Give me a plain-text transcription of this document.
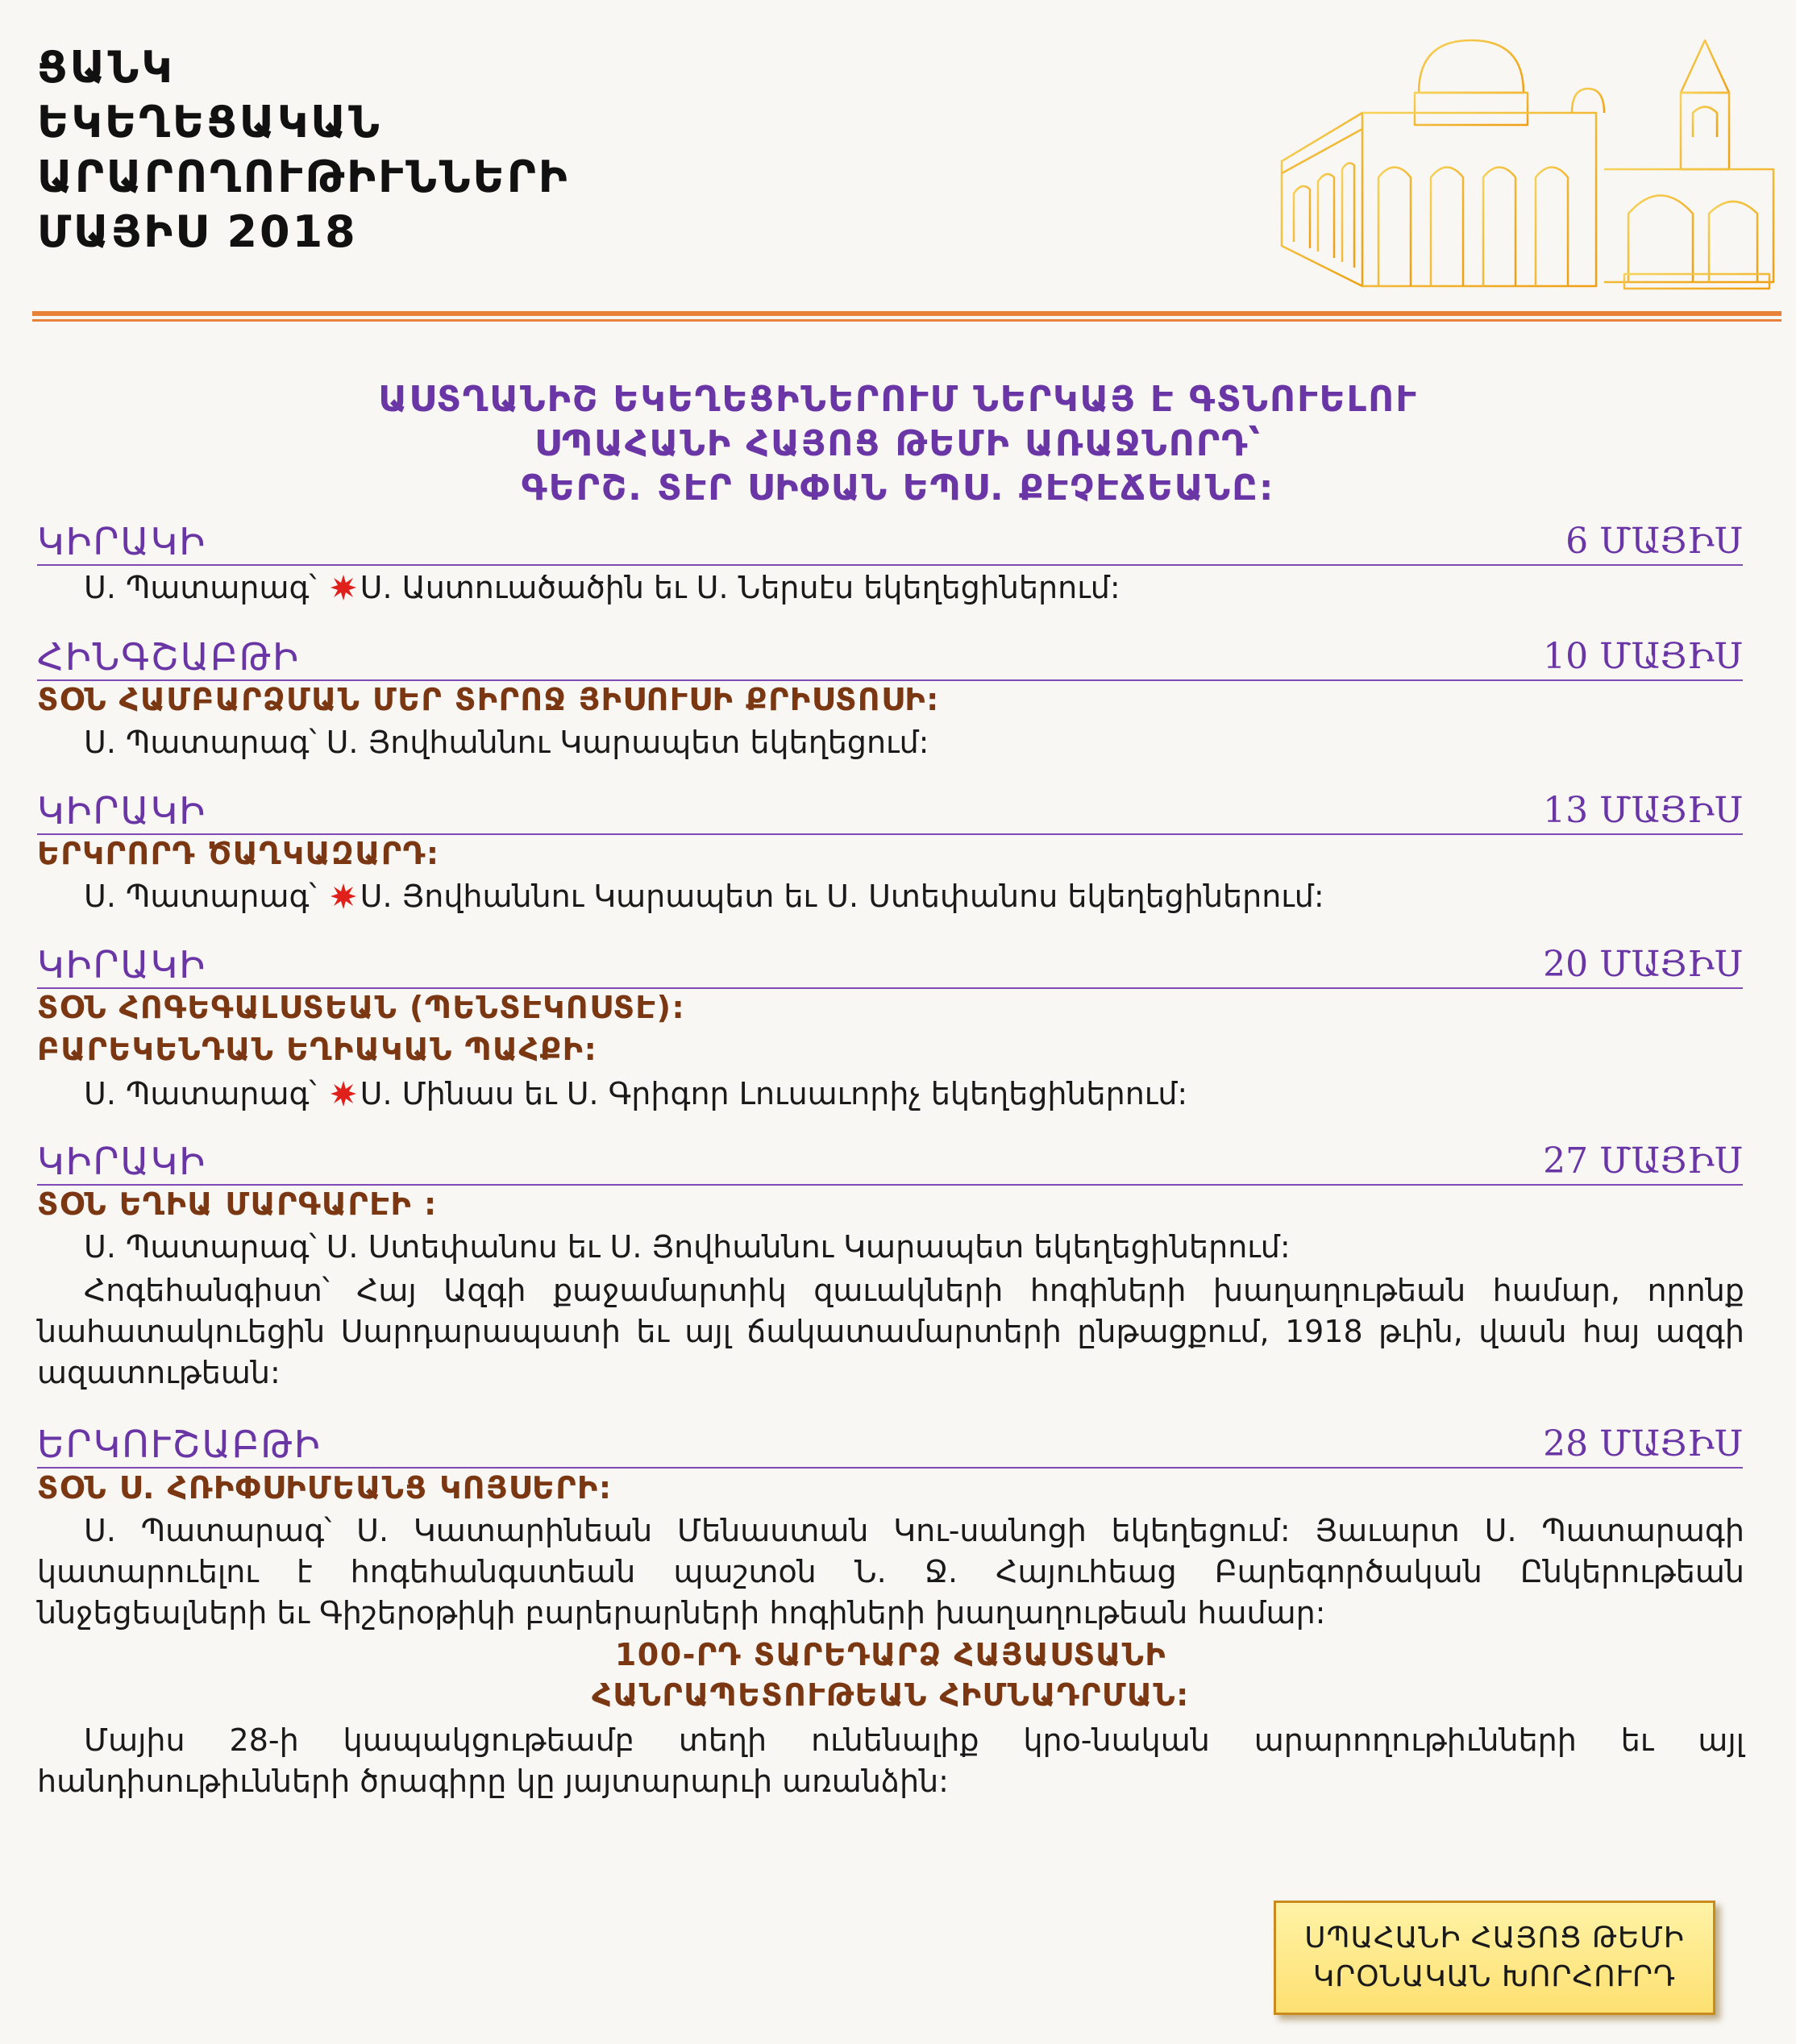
ՑԱՆԿ
ԵԿԵՂԵՑԱԿԱՆ
ԱՐԱՐՈՂՈՒԹԻՒՆՆԵՐԻ
ՄԱՅԻՍ 2018
ԱՍՏՂԱՆԻՇ ԵԿԵՂԵՑԻՆԵՐՈՒՄ ՆԵՐԿԱՅ Է ԳՏՆՈՒԵԼՈՒ
ՍՊԱՀԱՆԻ ՀԱՅՈՑ ԹԵՄԻ ԱՌԱՋՆՈՐԴ՝
ԳԵՐՇ. ՏԷՐ ՍԻՓԱՆ ԵՊՍ. ՔԷՉԷՃԵԱՆԸ:
ԿԻՐԱԿԻ	6 ՄԱՅԻՍ
Ս. Պատարագ՝ Ս. Աստուածածին եւ Ս. Ներսէս եկեղեցիներում:
ՀԻՆԳՇԱԲԹԻ	10 ՄԱՅԻՍ
ՏՕՆ ՀԱՄԲԱՐՁՄԱՆ ՄԵՐ ՏԻՐՈՋ ՅԻՍՈՒՍԻ ՔՐԻՍՏՈՍԻ:
Ս. Պատարագ՝ Ս. Յովհաննու Կարապետ եկեղեցում:
ԿԻՐԱԿԻ	13 ՄԱՅԻՍ
ԵՐԿՐՈՐԴ ԾԱՂԿԱԶԱՐԴ:
Ս. Պատարագ՝ Ս. Յովհաննու Կարապետ եւ Ս. Ստեփանոս եկեղեցիներում:
ԿԻՐԱԿԻ	20 ՄԱՅԻՍ
ՏՕՆ ՀՈԳԵԳԱԼՍՏԵԱՆ (ՊԵՆՏԷԿՈՍՏԷ):
ԲԱՐԵԿԵՆԴԱՆ ԵՂԻԱԿԱՆ ՊԱՀՔԻ:
Ս. Պատարագ՝ Ս. Մինաս եւ Ս. Գրիգոր Լուսաւորիչ եկեղեցիներում:
ԿԻՐԱԿԻ	27 ՄԱՅԻՍ
ՏՕՆ ԵՂԻԱ ՄԱՐԳԱՐԷԻ :
Ս. Պատարագ՝ Ս. Ստեփանոս եւ Ս. Յովհաննու Կարապետ եկեղեցիներում:
Հոգեհանգիստ՝ Հայ Ազգի քաջամարտիկ զաւակների հոգիների խաղաղութեան համար, որոնք նահատակուեցին Սարդարապատի եւ այլ ճակատամարտերի ընթացքում, 1918 թւին, վասն հայ ազգի ազատութեան:
ԵՐԿՈՒՇԱԲԹԻ	28 ՄԱՅԻՍ
ՏՕՆ Ս. ՀՌԻՓՍԻՄԵԱՆՑ ԿՈՅՍԵՐԻ:
Ս. Պատարագ՝ Ս. Կատարինեան Մենաստան Կու-սանոցի եկեղեցում: Յաւարտ Ս. Պատարագի կատարուելու է հոգեհանգստեան պաշտօն Ն. Ջ. Հայուհեաց Բարեգործական Ընկերութեան ննջեցեալների եւ Գիշերօթիկի բարերարների հոգիների խաղաղութեան համար:
100-ՐԴ ՏԱՐԵԴԱՐՁ ՀԱՅԱՍՏԱՆԻ
ՀԱՆՐԱՊԵՏՈՒԹԵԱՆ ՀԻՄՆԱԴՐՄԱՆ:
Մայիս 28-ի կապակցութեամբ տեղի ունենալիք կրօ-նական արարողութիւնների եւ այլ հանդիսութիւնների ծրագիրը կը յայտարարւի առանձին:
ՍՊԱՀԱՆԻ ՀԱՅՈՑ ԹԵՄԻ
ԿՐՕՆԱԿԱՆ ԽՈՐՀՈՒՐԴ
